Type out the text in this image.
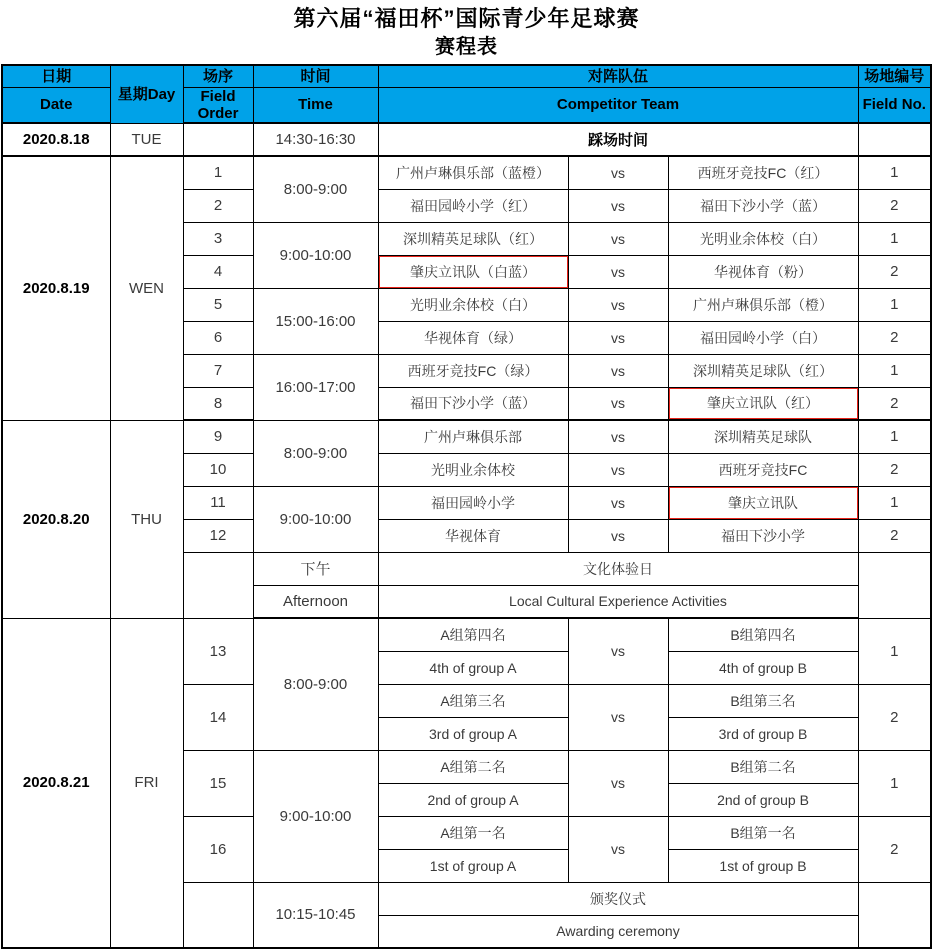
第六届“福田杯”国际青少年足球赛
赛程表
日期	星期Day	场序	时间	对阵队伍			场地编号
Date		Field Order	Time	Competitor Team			Field No.
2020.8.18	TUE		14:30-16:30	踩场时间			
2020.8.19	WEN	1	8:00-9:00	广州卢琳俱乐部（蓝橙）	vs	西班牙竞技FC（红）	1
		2		福田园岭小学（红）	vs	福田下沙小学（蓝）	2
		3	9:00-10:00	深圳精英足球队（红）	vs	光明业余体校（白）	1
		4		肇庆立讯队（白蓝）	vs	华视体育（粉）	2
		5	15:00-16:00	光明业余体校（白）	vs	广州卢琳俱乐部（橙）	1
		6		华视体育（绿）	vs	福田园岭小学（白）	2
		7	16:00-17:00	西班牙竞技FC（绿）	vs	深圳精英足球队（红）	1
		8		福田下沙小学（蓝）	vs	肇庆立讯队（红）	2
2020.8.20	THU	9	8:00-9:00	广州卢琳俱乐部	vs	深圳精英足球队	1
		10		光明业余体校	vs	西班牙竞技FC	2
		11	9:00-10:00	福田园岭小学	vs	肇庆立讯队	1
		12		华视体育	vs	福田下沙小学	2
			下午	文化体验日			
			Afternoon	Local Cultural Experience Activities			
2020.8.21	FRI	13	8:00-9:00	A组第四名	vs	B组第四名	1
				4th of group A		4th of group B	
		14		A组第三名	vs	B组第三名	2
				3rd of group A		3rd of group B	
		15	9:00-10:00	A组第二名	vs	B组第二名	1
				2nd of group A		2nd of group B	
		16		A组第一名	vs	B组第一名	2
				1st of group A		1st of group B	
			10:15-10:45	颁奖仪式			
				Awarding ceremony			
